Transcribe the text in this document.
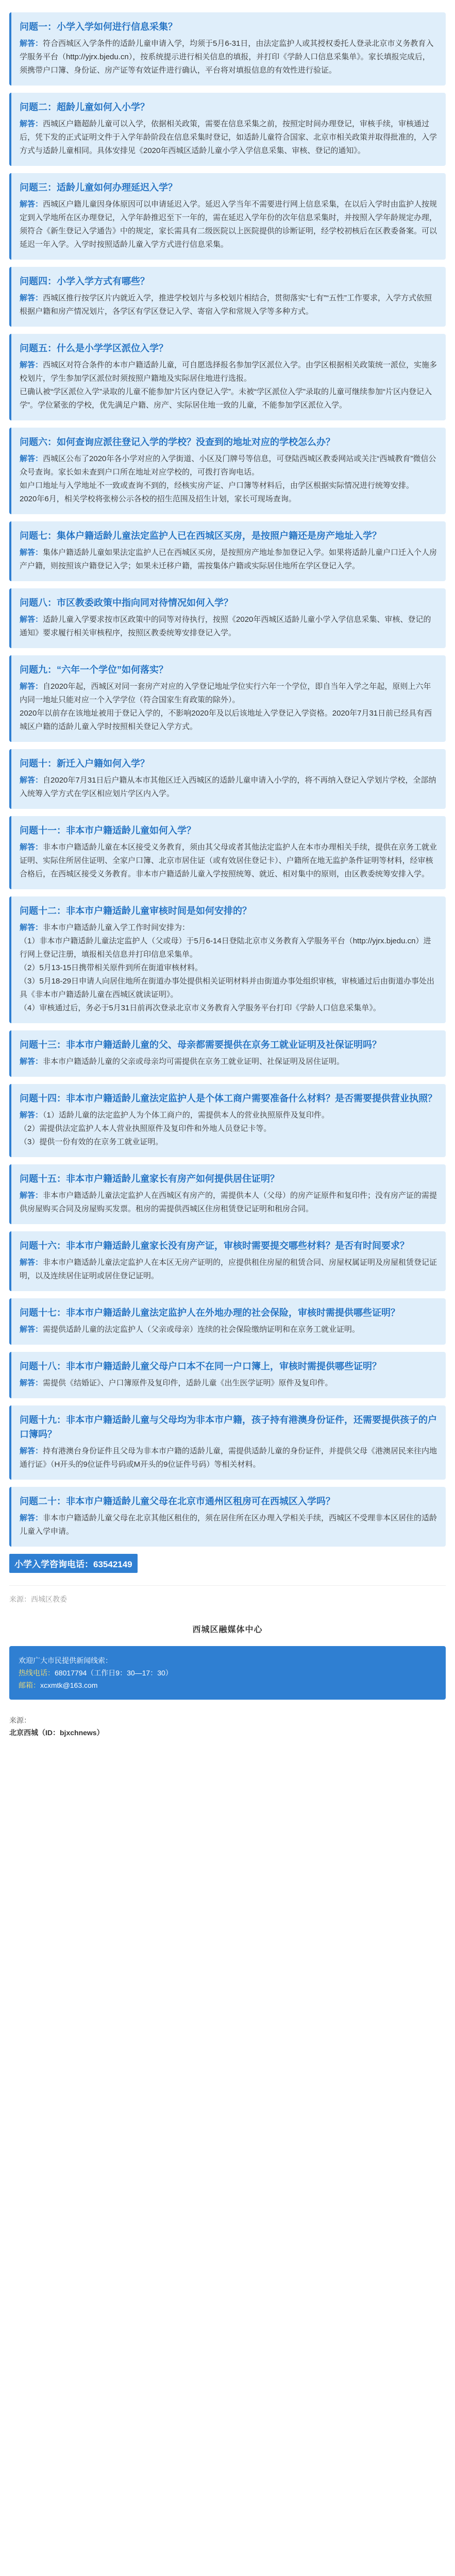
问题一：小学入学如何进行信息采集？

解答：符合西城区入学条件的适龄儿童申请入学，均须于5月6-31日，由法定监护人或其授权委托人登录北京市义务教育入学服务平台（http://yjrx.bjedu.cn），按系统提示进行相关信息的填报，并打印《学龄人口信息采集单》。家长填报完成后，须携带户口簿、身份证、房产证等有效证件进行确认，平台将对填报信息的有效性进行验证。

问题二：超龄儿童如何入小学？

解答：西城区户籍超龄儿童可以入学，依据相关政策，需要在信息采集之前，按照定时间办理登记，审核手续，审核通过后，凭下发的正式证明文件于入学年龄阶段在信息采集时登记，如适龄儿童符合国家、北京市相关政策并取得批准的，入学方式与适龄儿童相同。具体安排见《2020年西城区适龄儿童小学入学信息采集、审核、登记的通知》。

问题三：适龄儿童如何办理延迟入学？

解答：西城区户籍儿童因身体原因可以申请延迟入学。延迟入学当年不需要进行网上信息采集，在以后入学时由监护人按规定到入学地所在区办理登记，入学年龄推迟至下一年的，需在延迟入学年份的次年信息采集时，并按照入学年龄规定办理，须符合《新生登记入学通告》中的规定，家长需具有二级医院以上医院提供的诊断证明，经学校初核后在区教委备案。可以延迟一年入学。入学时按照适龄儿童入学方式进行信息采集。

问题四：小学入学方式有哪些？

解答：西城区推行按学区片内就近入学，推进学校划片与多校划片相结合，贯彻落实“七有”“五性”工作要求，入学方式依照根据户籍和房产情况划片，各学区有学区登记入学、寄宿入学和常规入学等多种方式。

问题五：什么是小学学区派位入学？

解答：西城区对符合条件的本市户籍适龄儿童，可自愿选择报名参加学区派位入学。由学区根据相关政策统一派位，实施多校划片，学生参加学区派位时须按照户籍地及实际居住地进行选报。

已确认被“学区派位入学”录取的儿童不能参加“片区内登记入学”。未被“学区派位入学”录取的儿童可继续参加“片区内登记入学”。学位紧张的学校，优先满足户籍、房产、实际居住地一致的儿童，不能参加学区派位入学。

问题六：如何查询应派往登记入学的学校？没查到的地址对应的学校怎么办？

解答：西城区公布了2020年各小学对应的入学街道、小区及门牌号等信息，可登陆西城区教委网站或关注“西城教育”微信公众号查询。家长如未查到户口所在地址对应学校的，可拨打咨询电话。

如户口地址与入学地址不一致或查询不到的，经核实房产证、户口簿等材料后，由学区根据实际情况进行统筹安排。

2020年6月，相关学校将张榜公示各校的招生范围及招生计划，家长可现场查询。

问题七：集体户籍适龄儿童法定监护人已在西城区买房，是按照户籍还是房产地址入学？

解答：集体户籍适龄儿童如果法定监护人已在西城区买房，是按照房产地址参加登记入学。如果将适龄儿童户口迁入个人房产户籍，则按照该户籍登记入学；如果未迁移户籍，需按集体户籍或实际居住地所在学区登记入学。

问题八：市区教委政策中指向同对待情况如何入学？

解答：适龄儿童入学要求按市区政策中的同等对待执行，按照《2020年西城区适龄儿童小学入学信息采集、审核、登记的通知》要求履行相关审核程序，按照区教委统筹安排登记入学。

问题九：“六年一个学位”如何落实？

解答：自2020年起，西城区对同一套房产对应的入学登记地址学位实行六年一个学位，即自当年入学之年起，原则上六年内同一地址只能对应一个入学学位（符合国家生育政策的除外）。

2020年以前存在该地址被用于登记入学的，不影响2020年及以后该地址入学登记入学资格。2020年7月31日前已经具有西城区户籍的适龄儿童入学时按照相关登记入学方式。

问题十：新迁入户籍如何入学？

解答：自2020年7月31日后户籍从本市其他区迁入西城区的适龄儿童申请入小学的，将不再纳入登记入学划片学校，全部纳入统筹入学方式在学区相应划片学区内入学。

问题十一：非本市户籍适龄儿童如何入学？

解答：非本市户籍适龄儿童在本区接受义务教育，须由其父母或者其他法定监护人在本市办理相关手续，提供在京务工就业证明、实际住所居住证明、全家户口簿、北京市居住证（或有效居住登记卡）、户籍所在地无监护条件证明等材料，经审核合格后，在西城区接受义务教育。非本市户籍适龄儿童入学按照统筹、就近、相对集中的原则，由区教委统筹安排入学。

问题十二：非本市户籍适龄儿童审核时间是如何安排的？

解答：非本市户籍适龄儿童入学工作时间安排为：

（1）非本市户籍适龄儿童法定监护人（父或母）于5月6-14日登陆北京市义务教育入学服务平台（http://yjrx.bjedu.cn）进行网上登记注册，填报相关信息并打印信息采集单。

（2）5月13-15日携带相关原件到所在街道审核材料。

（3）5月18-29日申请人向居住地所在街道办事处提供相关证明材料并由街道办事处组织审核，审核通过后由街道办事处出具《非本市户籍适龄儿童在西城区就读证明》。

（4）审核通过后，务必于5月31日前再次登录北京市义务教育入学服务平台打印《学龄人口信息采集单》。

问题十三：非本市户籍适龄儿童的父、母亲都需要提供在京务工就业证明及社保证明吗？

解答：非本市户籍适龄儿童的父亲或母亲均可需提供在京务工就业证明、社保证明及居住证明。

问题十四：非本市户籍适龄儿童法定监护人是个体工商户需要准备什么材料？是否需要提供营业执照？

解答：（1）适龄儿童的法定监护人为个体工商户的，需提供本人的营业执照原件及复印件。

（2）需提供法定监护人本人营业执照原件及复印件和外地人员登记卡等。

（3）提供一份有效的在京务工就业证明。

问题十五：非本市户籍适龄儿童家长有房产如何提供居住证明？

解答：非本市户籍适龄儿童法定监护人在西城区有房产的，需提供本人（父母）的房产证原件和复印件；没有房产证的需提供房屋购买合同及房屋购买发票。租房的需提供西城区住房租赁登记证明和租房合同。

问题十六：非本市户籍适龄儿童家长没有房产证，审核时需要提交哪些材料？是否有时间要求？

解答：非本市户籍适龄儿童法定监护人在本区无房产证明的，应提供租住房屋的租赁合同、房屋权属证明及房屋租赁登记证明，以及连续居住证明或居住登记证明。

问题十七：非本市户籍适龄儿童法定监护人在外地办理的社会保险，审核时需提供哪些证明？

解答：需提供适龄儿童的法定监护人（父亲或母亲）连续的社会保险缴纳证明和在京务工就业证明。

问题十八：非本市户籍适龄儿童父母户口本不在同一户口簿上，审核时需提供哪些证明？

解答：需提供《结婚证》、户口簿原件及复印件，适龄儿童《出生医学证明》原件及复印件。

问题十九：非本市户籍适龄儿童与父母均为非本市户籍，孩子持有港澳身份证件，还需要提供孩子的户口簿吗？

解答：持有港澳台身份证件且父母为非本市户籍的适龄儿童，需提供适龄儿童的身份证件，并提供父母《港澳居民来往内地通行证》（H开头的9位证件号码或M开头的9位证件号码）等相关材料。

问题二十：非本市户籍适龄儿童父母在北京市通州区租房可在西城区入学吗？

解答：非本市户籍适龄儿童父母在北京其他区租住的，须在居住所在区办理入学相关手续，西城区不受理非本区居住的适龄儿童入学申请。

小学入学咨询电话：63542149
来源：西城区教委
西城区融媒体中心
欢迎广大市民提供新闻线索：
热线电话：68017794（工作日9：30—17：30）
邮箱：xcxmtk@163.com
来源：
北京西城（ID：bjxchnews）
